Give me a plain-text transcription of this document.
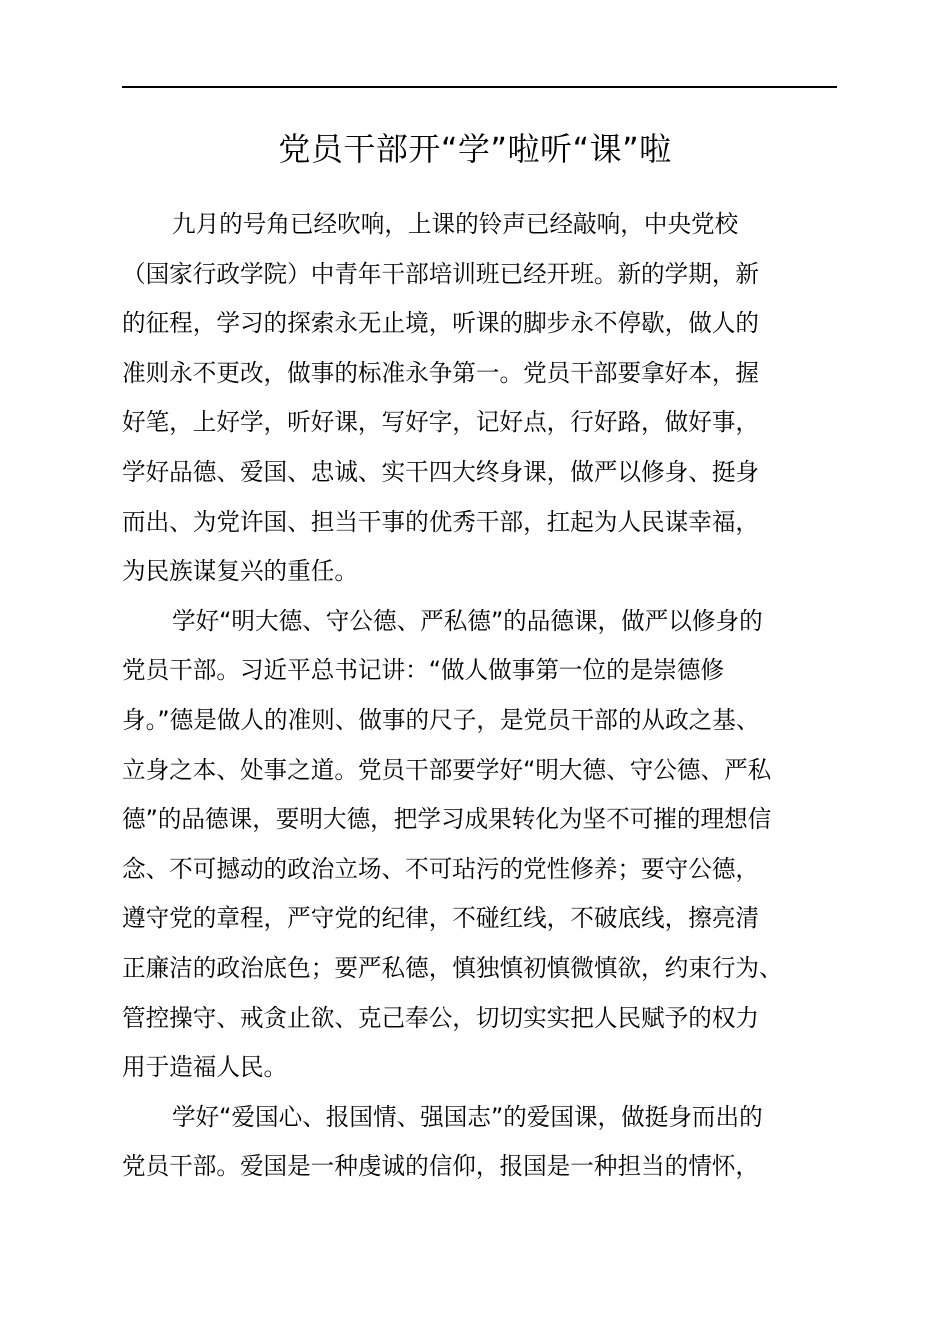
党员干部开“学”啦听“课”啦

九月的号角已经吹响，上课的铃声已经敲响，中央党校
（国家行政学院）中青年干部培训班已经开班。新的学期，新
的征程，学习的探索永无止境，听课的脚步永不停歇，做人的
准则永不更改，做事的标准永争第一。党员干部要拿好本，握
好笔，上好学，听好课，写好字，记好点，行好路，做好事，
学好品德、爱国、忠诚、实干四大终身课，做严以修身、挺身
而出、为党许国、担当干事的优秀干部，扛起为人民谋幸福，
为民族谋复兴的重任。

学好“明大德、守公德、严私德”的品德课，做严以修身的
党员干部。习近平总书记讲：“做人做事第一位的是崇德修
身。”德是做人的准则、做事的尺子，是党员干部的从政之基、
立身之本、处事之道。党员干部要学好“明大德、守公德、严私
德”的品德课，要明大德，把学习成果转化为坚不可摧的理想信
念、不可撼动的政治立场、不可玷污的党性修养；要守公德，
遵守党的章程，严守党的纪律，不碰红线，不破底线，擦亮清
正廉洁的政治底色；要严私德，慎独慎初慎微慎欲，约束行为、
管控操守、戒贪止欲、克己奉公，切切实实把人民赋予的权力
用于造福人民。

学好“爱国心、报国情、强国志”的爱国课，做挺身而出的
党员干部。爱国是一种虔诚的信仰，报国是一种担当的情怀，
